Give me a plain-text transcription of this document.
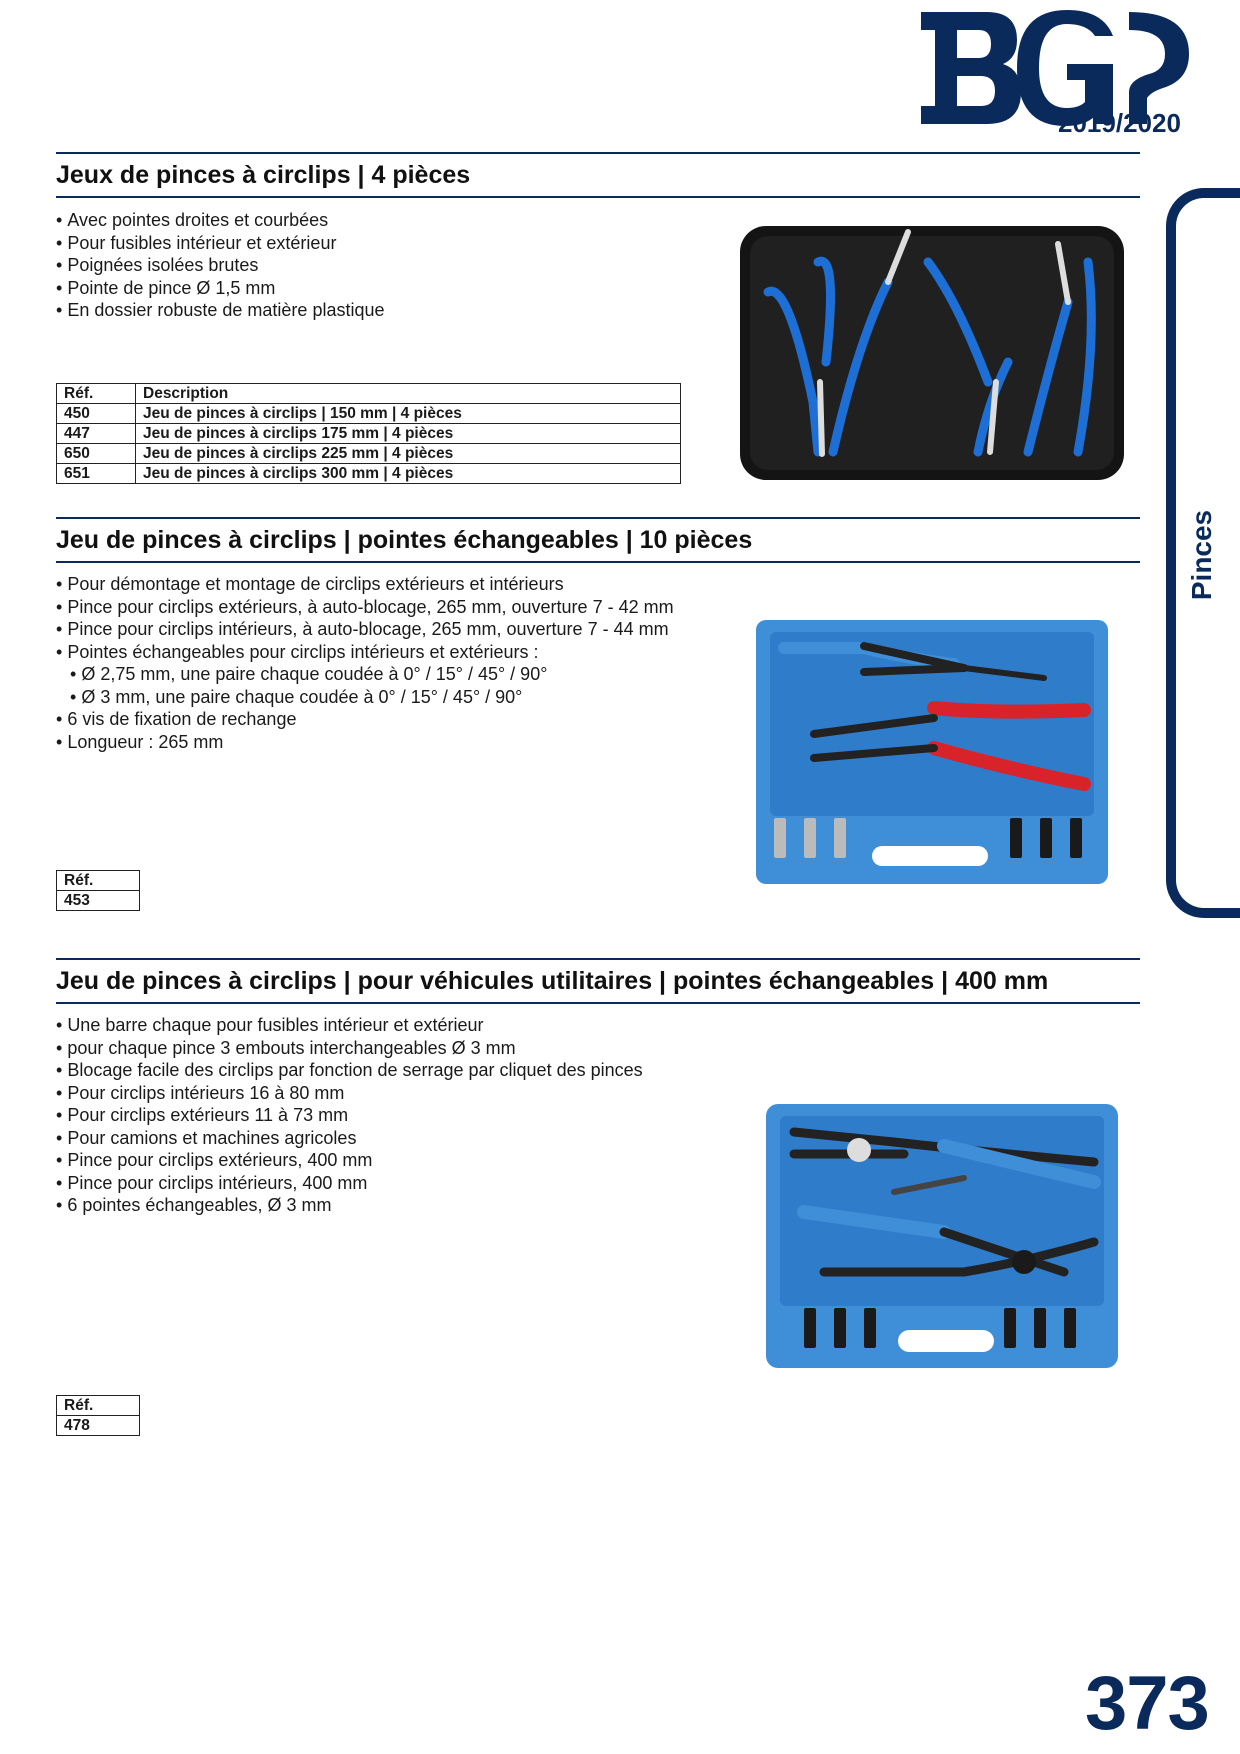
2019/2020
Pinces
Jeux de pinces à circlips | 4 pièces
• Avec pointes droites et courbées
• Pour fusibles intérieur et extérieur
• Poignées isolées brutes
• Pointe de pince Ø 1,5 mm
• En dossier robuste de matière plastique
Réf.	Description
450	Jeu de pinces à circlips | 150 mm | 4 pièces
447	Jeu de pinces à circlips 175 mm | 4 pièces
650	Jeu de pinces à circlips 225 mm | 4 pièces
651	Jeu de pinces à circlips 300 mm | 4 pièces
Jeu de pinces à circlips | pointes échangeables | 10 pièces
• Pour démontage et montage de circlips extérieurs et intérieurs
• Pince pour circlips extérieurs, à auto-blocage, 265 mm, ouverture 7 - 42 mm
• Pince pour circlips intérieurs, à auto-blocage, 265 mm, ouverture 7 - 44 mm
• Pointes échangeables pour circlips intérieurs et extérieurs :
• Ø 2,75 mm, une paire chaque coudée à 0° / 15° / 45° / 90°
• Ø 3 mm, une paire chaque coudée à 0° / 15° / 45° / 90°
• 6 vis de fixation de rechange
• Longueur : 265 mm
Réf.
453
Jeu de pinces à circlips | pour véhicules utilitaires | pointes échangeables | 400 mm
• Une barre chaque pour fusibles intérieur et extérieur
• pour chaque pince 3 embouts interchangeables Ø 3 mm
• Blocage facile des circlips par fonction de serrage par cliquet des pinces
• Pour circlips intérieurs 16 à 80 mm
• Pour circlips extérieurs 11 à 73 mm
• Pour camions et machines agricoles
• Pince pour circlips extérieurs, 400 mm
• Pince pour circlips intérieurs, 400 mm
• 6 pointes échangeables, Ø 3 mm
Réf.
478
373
